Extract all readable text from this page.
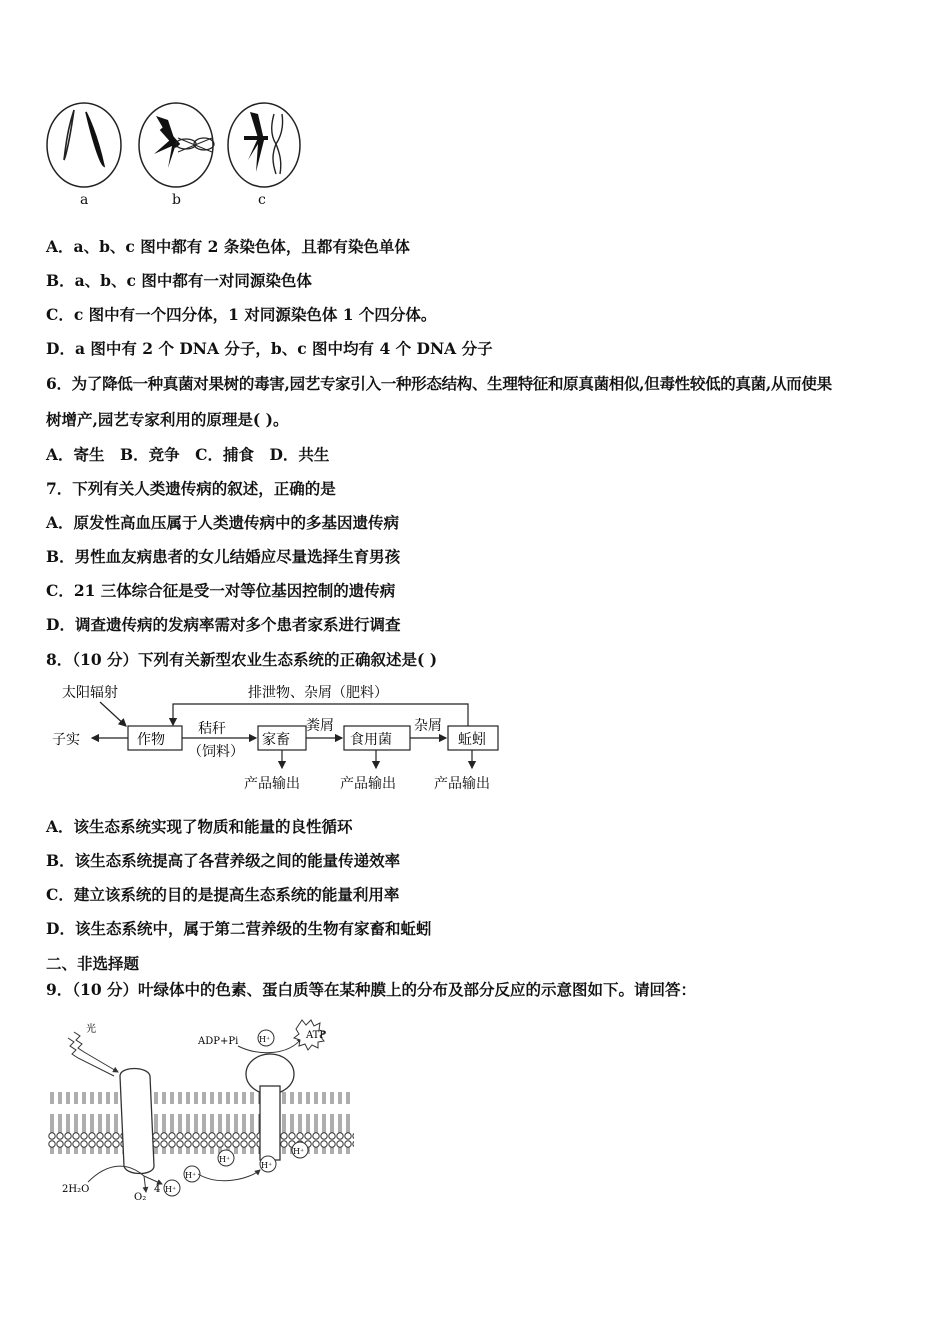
a	b	c
A．a、b、c 图中都有 2 条染色体，且都有染色单体
B．a、b、c 图中都有一对同源染色体
C．c 图中有一个四分体，1 对同源染色体 1 个四分体。
D．a 图中有 2 个 DNA 分子，b、c 图中均有 4 个 DNA 分子
6．为了降低一种真菌对果树的毒害,园艺专家引入一种形态结构、生理特征和原真菌相似,但毒性较低的真菌,从而使果
树增产,园艺专家利用的原理是( )。
A．寄生　B．竞争　C．捕食　D．共生
7．下列有关人类遗传病的叙述，正确的是
A．原发性高血压属于人类遗传病中的多基因遗传病
B．男性血友病患者的女儿结婚应尽量选择生育男孩
C．21 三体综合征是受一对等位基因控制的遗传病
D．调查遗传病的发病率需对多个患者家系进行调查
8．（10 分）下列有关新型农业生态系统的正确叙述是( )
太阳辐射	排泄物、杂屑（肥料）
作物	家畜	食用菌	蚯蚓
子实
秸秆
（饲料）
粪屑	杂屑
产品输出	产品输出	产品输出
A．该生态系统实现了物质和能量的良性循环
B．该生态系统提高了各营养级之间的能量传递效率
C．建立该系统的目的是提高生态系统的能量利用率
D．该生态系统中，属于第二营养级的生物有家畜和蚯蚓
二、非选择题
9．（10 分）叶绿体中的色素、蛋白质等在某种膜上的分布及部分反应的示意图如下。请回答：
光
ADP+Pi
ATP
H⁺
H⁺
H⁺
H⁺
H⁺
H⁺
4
2H₂O
O₂
